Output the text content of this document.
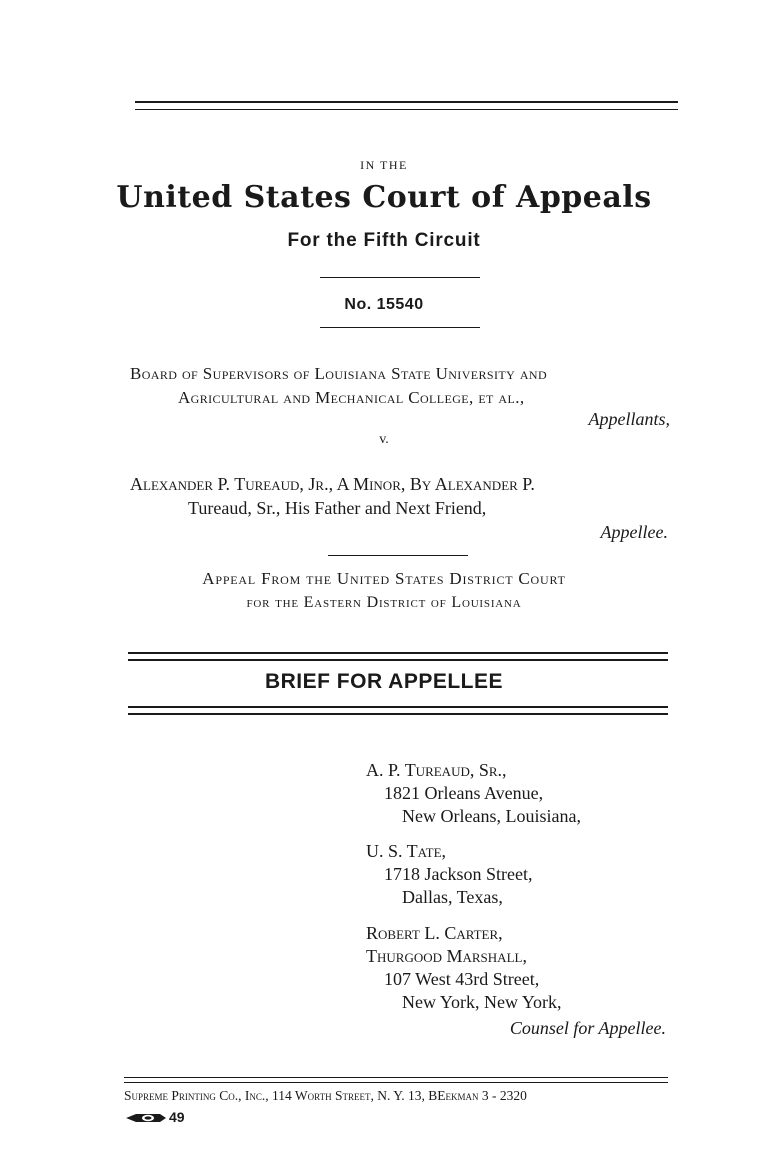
IN THE
United States Court of Appeals
For the Fifth Circuit
No. 15540
Board of Supervisors of Louisiana State University and
Agricultural and Mechanical College, et al.,
Appellants,
v.
Alexander P. Tureaud, Jr., A Minor, By Alexander P.
Tureaud, Sr., His Father and Next Friend,
Appellee.
Appeal From the United States District Court
for the Eastern District of Louisiana
BRIEF FOR APPELLEE
A. P. Tureaud, Sr.,
1821 Orleans Avenue,
New Orleans, Louisiana,
U. S. Tate,
1718 Jackson Street,
Dallas, Texas,
Robert L. Carter,
Thurgood Marshall,
107 West 43rd Street,
New York, New York,
Counsel for Appellee.
Supreme Printing Co., Inc., 114 Worth Street, N. Y. 13, BEekman 3 - 2320
49
